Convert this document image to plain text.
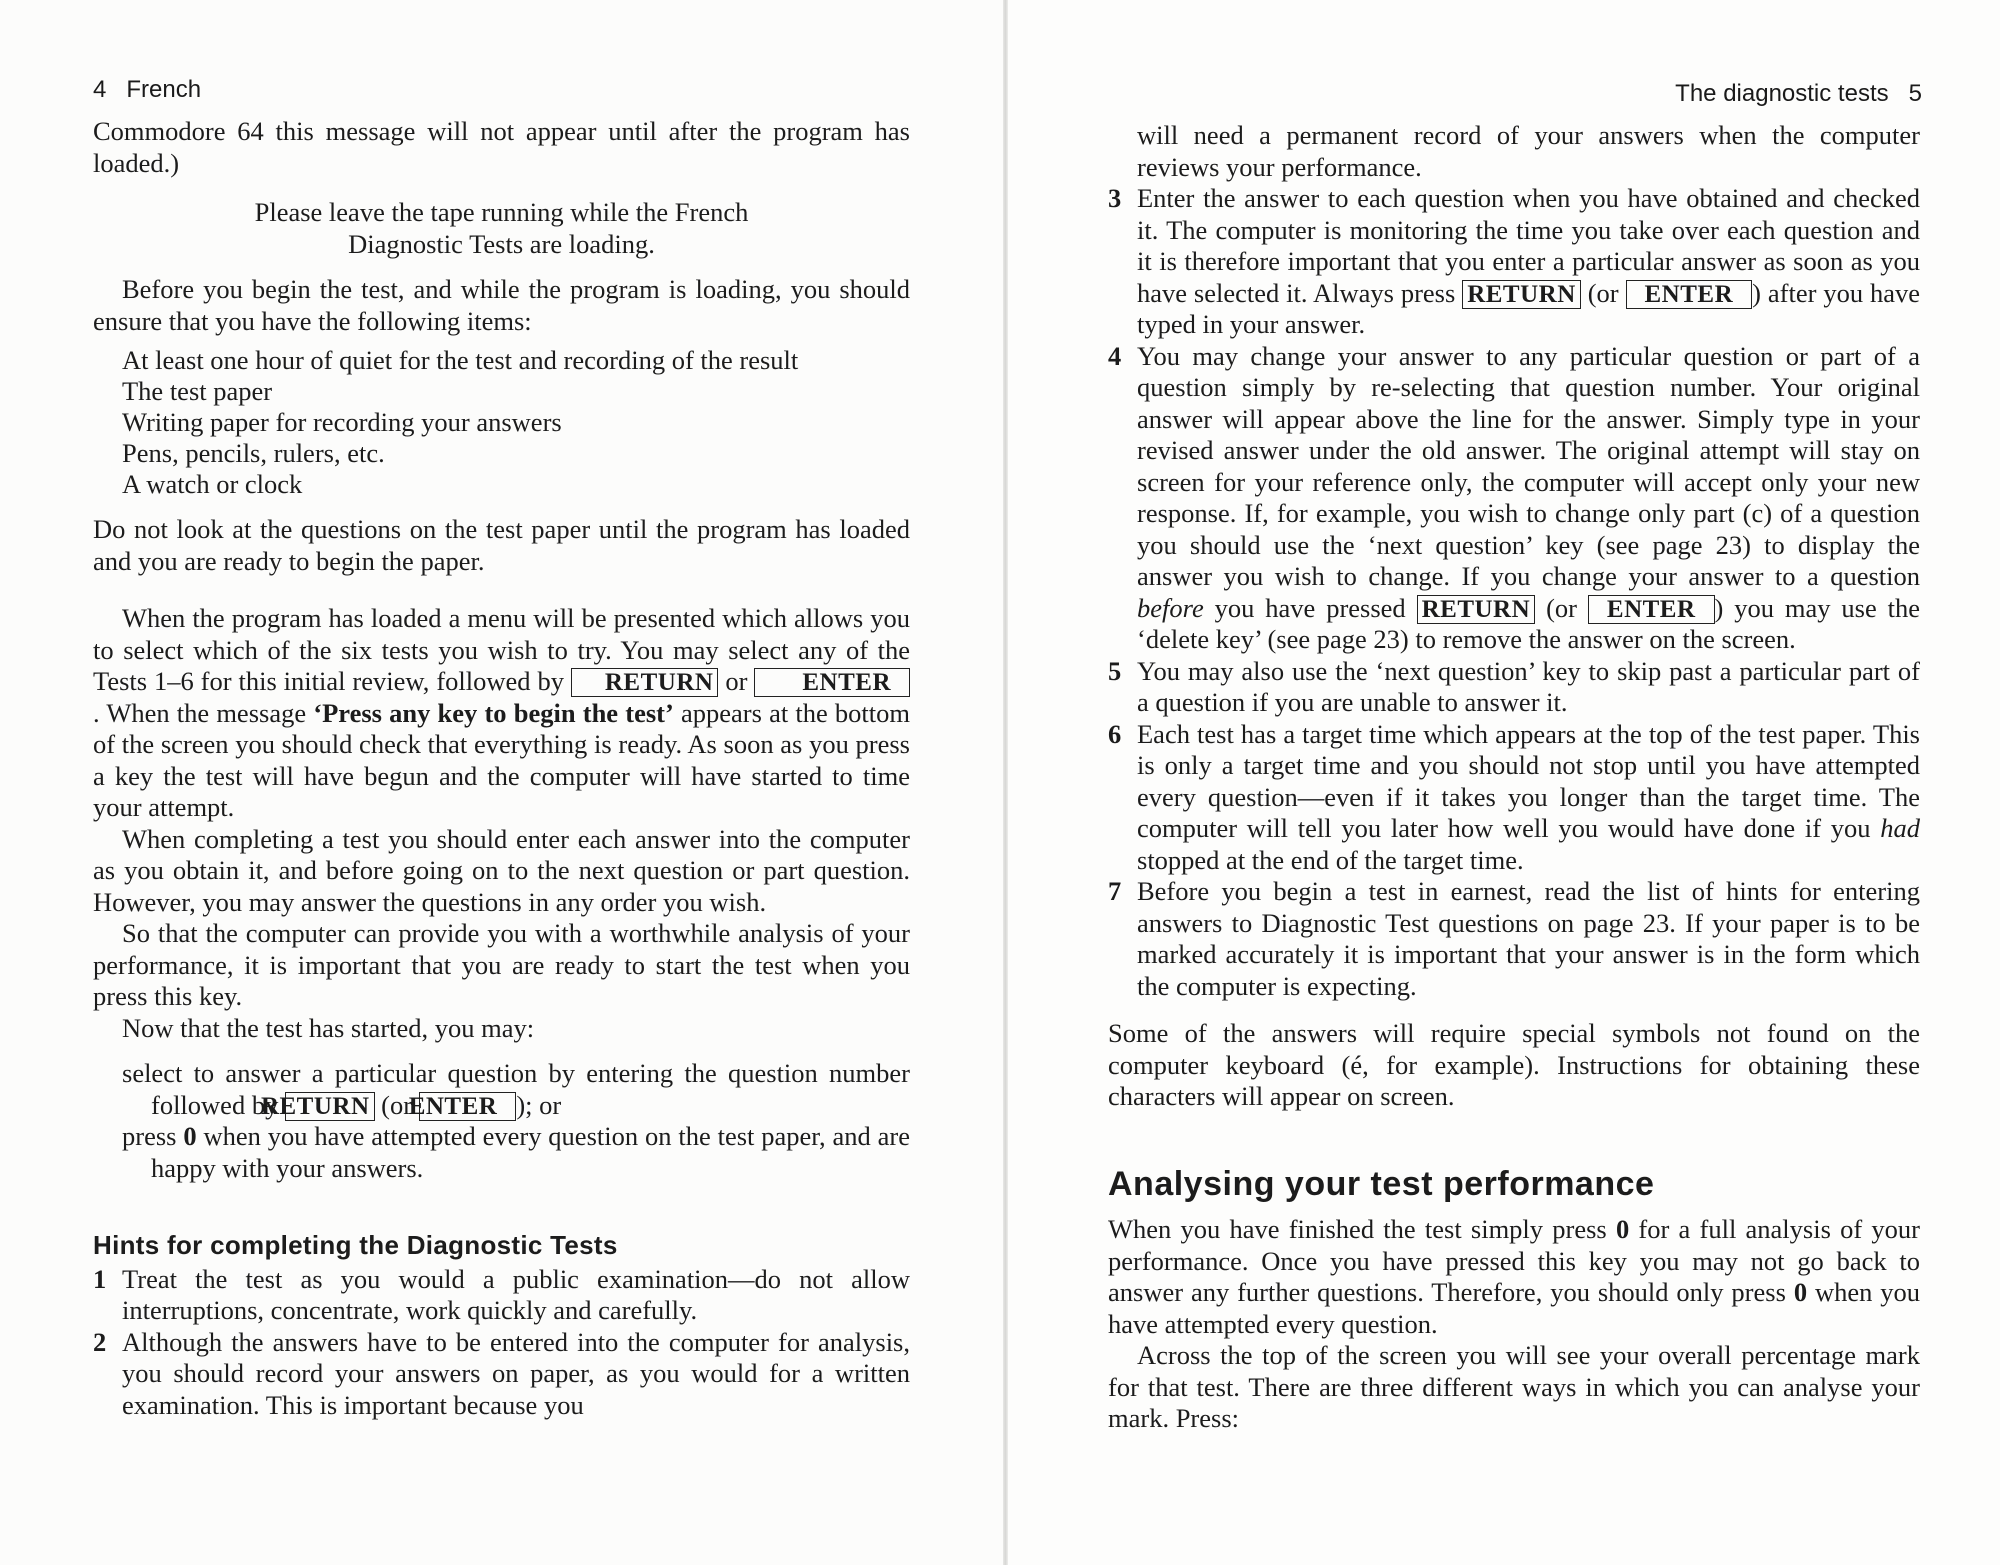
4 French

Commodore 64 this message will not appear until after the program has loaded.)

Please leave the tape running while the French Diagnostic Tests are loading.

Before you begin the test, and while the program is loading, you should ensure that you have the following items:

At least one hour of quiet for the test and recording of the result
The test paper
Writing paper for recording your answers
Pens, pencils, rulers, etc.
A watch or clock

Do not look at the questions on the test paper until the program has loaded and you are ready to begin the paper.

When the program has loaded a menu will be presented which allows you to select which of the six tests you wish to try. You may select any of the Tests 1–6 for this initial review, followed by RETURN or ENTER. When the message ‘Press any key to begin the test’ appears at the bottom of the screen you should check that everything is ready. As soon as you press a key the test will have begun and the computer will have started to time your attempt.

When completing a test you should enter each answer into the computer as you obtain it, and before going on to the next question or part question. However, you may answer the questions in any order you wish.

So that the computer can provide you with a worthwhile analysis of your performance, it is important that you are ready to start the test when you press this key.

Now that the test has started, you may:

select to answer a particular question by entering the question number followed by RETURN (or ENTER ); or

press 0 when you have attempted every question on the test paper, and are happy with your answers.

Hints for completing the Diagnostic Tests
1 Treat the test as you would a public examination—do not allow interruptions, concentrate, work quickly and carefully.
2 Although the answers have to be entered into the computer for analysis, you should record your answers on paper, as you would for a written examination. This is important because you
The diagnostic tests 5

will need a permanent record of your answers when the computer reviews your performance.

3 Enter the answer to each question when you have obtained and checked it. The computer is monitoring the time you take over each question and it is therefore important that you enter a particular answer as soon as you have selected it. Always press RETURN (or ENTER ) after you have typed in your answer.
4 You may change your answer to any particular question or part of a question simply by re-selecting that question number. Your original answer will appear above the line for the answer. Simply type in your revised answer under the old answer. The original attempt will stay on screen for your reference only, the computer will accept only your new response. If, for example, you wish to change only part (c) of a question you should use the ‘next question’ key (see page 23) to display the answer you wish to change. If you change your answer to a question before you have pressed RETURN (or ENTER ) you may use the ‘delete key’ (see page 23) to remove the answer on the screen.
5 You may also use the ‘next question’ key to skip past a particular part of a question if you are unable to answer it.
6 Each test has a target time which appears at the top of the test paper. This is only a target time and you should not stop until you have attempted every question—even if it takes you longer than the target time. The computer will tell you later how well you would have done if you had stopped at the end of the target time.
7 Before you begin a test in earnest, read the list of hints for entering answers to Diagnostic Test questions on page 23. If your paper is to be marked accurately it is important that your answer is in the form which the computer is expecting.

Some of the answers will require special symbols not found on the computer keyboard (é, for example). Instructions for obtaining these characters will appear on screen.

Analysing your test performance

When you have finished the test simply press 0 for a full analysis of your performance. Once you have pressed this key you may not go back to answer any further questions. Therefore, you should only press 0 when you have attempted every question.

Across the top of the screen you will see your overall percentage mark for that test. There are three different ways in which you can analyse your mark. Press:
